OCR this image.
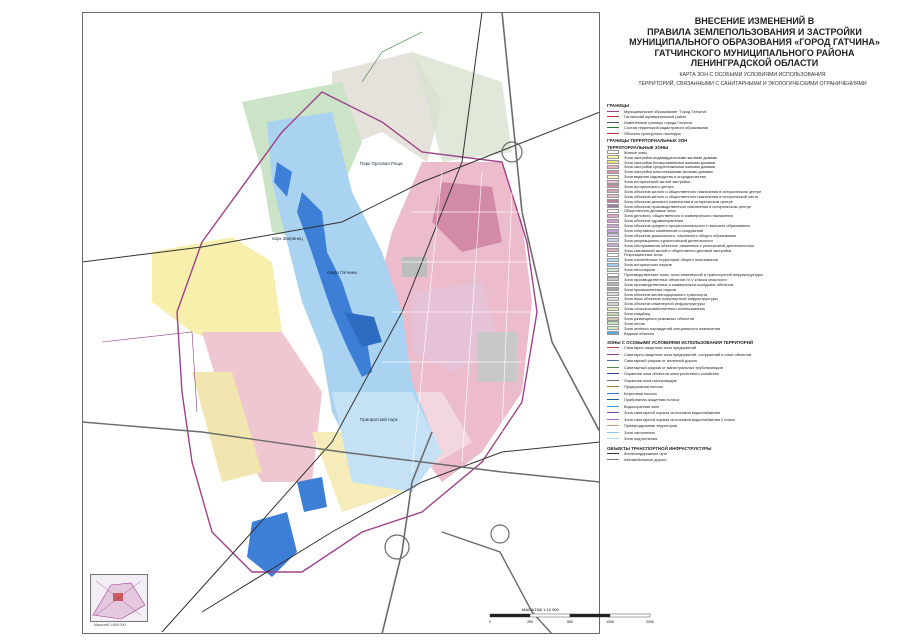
Парк Орловая Роща
парк Зверинец
озеро Гатчина
Приоратский парк
Масштаб 1:500 000
ВНЕСЕНИЕ ИЗМЕНЕНИЙ В
ПРАВИЛА ЗЕМЛЕПОЛЬЗОВАНИЯ И ЗАСТРОЙКИ
МУНИЦИПАЛЬНОГО ОБРАЗОВАНИЯ «ГОРОД ГАТЧИНА»
ГАТЧИНСКОГО МУНИЦИПАЛЬНОГО РАЙОНА
ЛЕНИНГРАДСКОЙ ОБЛАСТИ
КАРТА ЗОН С ОСОБЫМИ УСЛОВИЯМИ ИСПОЛЬЗОВАНИЯ
ТЕРРИТОРИЙ, СВЯЗАННЫМИ С САНИТАРНЫМИ И ЭКОЛОГИЧЕСКИМИ ОГРАНИЧЕНИЯМИ
ГРАНИЦЫ
Муниципальное образование "Город Гатчина"
Гатчинский муниципальный район
Изменённые границы города Гатчина
Состав территорий кадастрового образования
Объекты культурного наследия
ГРАНИЦЫ ТЕРРИТОРИАЛЬНЫХ ЗОН
ТЕРРИТОРИАЛЬНЫЕ ЗОНЫ
Жилые зоны
Зона застройки индивидуальными жилыми домами
Зона застройки блокированными жилыми домами
Зона застройки среднеэтажными жилыми домами
Зона застройки многоэтажными жилыми домами
Зона ведения садоводства и огородничества
Зона исторической жилой застройки
Зона исторического центра
Зона объектов жилого и общественного назначения в историческом центре
Зона объектов жилого и общественного назначения в исторической части
Зона объектов делового назначения в историческом центре
Зона объектов производственного назначения в историческом центре
Общественно-деловые зоны
Зона делового, общественного и коммерческого назначения
Зона объектов здравоохранения
Зона объектов среднего профессионального и высшего образования
Зона спортивных комплексов и сооружений
Зона объектов дошкольного, начального общего образования
Зона рекреационно-туристической деятельности
Зона обслуживания объектов, связанных с религиозной деятельностью
Зона смешанной жилой и общественно-деловой застройки
Рекреационные зоны
Зона озеленённых территорий общего пользования
Зона исторических парков
Зона лесопарков
Производственные зоны, зоны инженерной и транспортной инфраструктуры
Зона производственных объектов IV-V класса опасности
Зона производственных и коммунально-складских объектов
Зона промышленных парков
Зона объектов железнодорожного транспорта
Зона иных объектов транспортной инфраструктуры
Зона объектов инженерной инфраструктуры
Зоны сельскохозяйственного использования
Зона кладбищ
Зона размещения режимных объектов
Зона лесов
Зона зелёных насаждений специального назначения
Водные объекты
ЗОНЫ С ОСОБЫМИ УСЛОВИЯМИ ИСПОЛЬЗОВАНИЯ ТЕРРИТОРИЙ
Санитарно-защитная зона предприятий
Санитарно-защитная зона предприятий, сооружений и иных объектов
Санитарный разрыв от железной дороги
Санитарный разрыв от магистральных трубопроводов
Охранная зона объектов электросетевого хозяйства
Охранная зона газопроводов
Придорожная полоса
Береговая полоса
Прибрежная защитная полоса
Водоохранная зона
Зона санитарной охраны источников водоснабжения
Зона санитарной охраны источников водоснабжения 2 пояса
Приаэродромная территория
Зона затопления
Зона подтопления
ОБЪЕКТЫ ТРАНСПОРТНОЙ ИНФРАСТРУКТУРЫ
Железнодорожные пути
Автомобильные дороги
МАСШТАБ 1:10 000
0	250	500	1000	2000
